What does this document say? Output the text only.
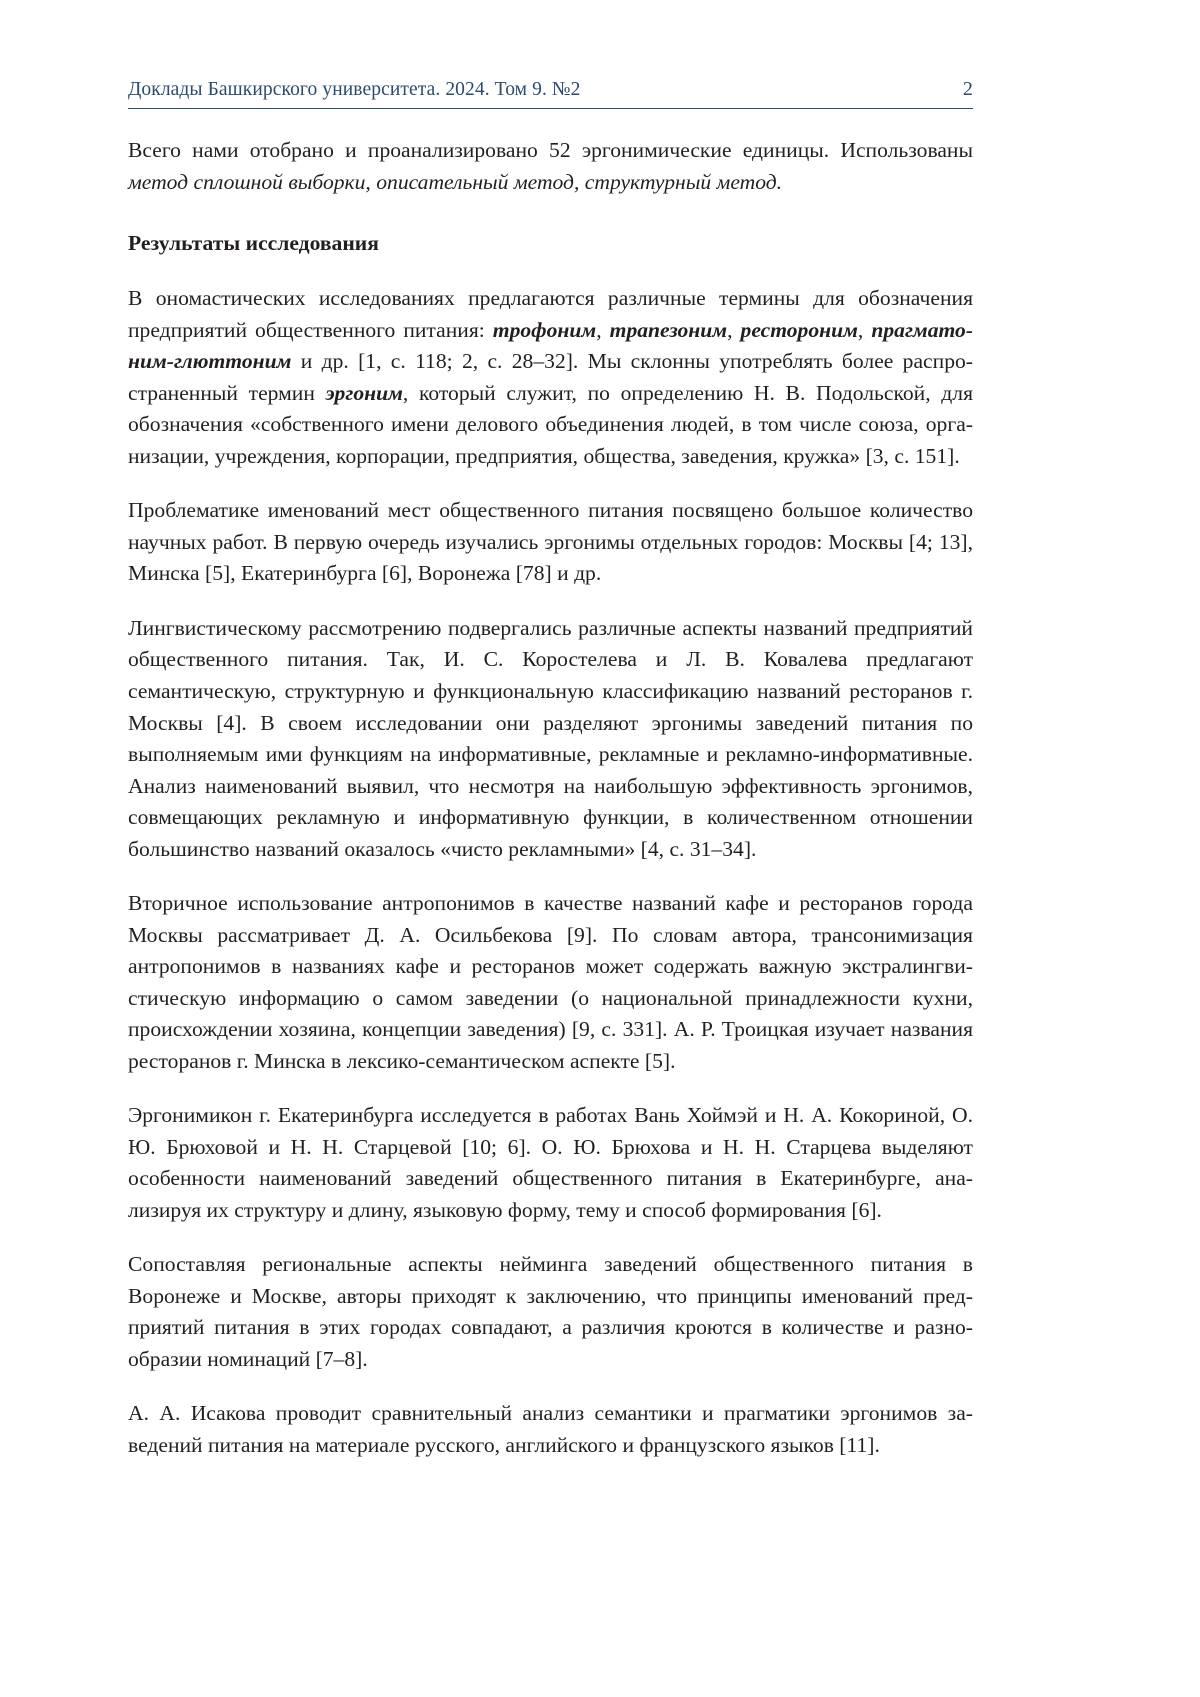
Доклады Башкирского университета. 2024. Том 9. №2	2

Всего нами отобрано и проанализировано 52 эргонимические единицы. Использованы метод сплошной выборки, описательный метод, структурный метод.

Результаты исследования

В ономастических исследованиях предлагаются различные термины для обозначения предприятий общественного питания: трофоним, трапезоним, рестороним, прагматоним-глюттоним и др. [1, с. 118; 2, с. 28–32]. Мы склонны употреблять более распространенный термин эргоним, который служит, по определению Н. В. Подольской, для обозначения «собственного имени делового объединения людей, в том числе союза, организации, учреждения, корпорации, предприятия, общества, заведения, кружка» [3, с. 151].

Проблематике именований мест общественного питания посвящено большое количество научных работ. В первую очередь изучались эргонимы отдельных городов: Москвы [4; 13], Минска [5], Екатеринбурга [6], Воронежа [78] и др.

Лингвистическому рассмотрению подвергались различные аспекты названий предприятий общественного питания. Так, И. С. Коростелева и Л. В. Ковалева предлагают семантическую, структурную и функциональную классификацию названий ресторанов г. Москвы [4]. В своем исследовании они разделяют эргонимы заведений питания по выполняемым ими функциям на информативные, рекламные и рекламно-информативные. Анализ наименований выявил, что несмотря на наибольшую эффективность эргонимов, совмещающих рекламную и информативную функции, в количественном отношении большинство названий оказалось «чисто рекламными» [4, с. 31–34].

Вторичное использование антропонимов в качестве названий кафе и ресторанов города Москвы рассматривает Д. А. Осильбекова [9]. По словам автора, трансонимизация антропонимов в названиях кафе и ресторанов может содержать важную экстралингвистическую информацию о самом заведении (о национальной принадлежности кухни, происхождении хозяина, концепции заведения) [9, с. 331]. А. Р. Троицкая изучает названия ресторанов г. Минска в лексико-семантическом аспекте [5].

Эргонимикон г. Екатеринбурга исследуется в работах Вань Хоймэй и Н. А. Кокориной, О. Ю. Брюховой и Н. Н. Старцевой [10; 6]. О. Ю. Брюхова и Н. Н. Старцева выделяют особенности наименований заведений общественного питания в Екатеринбурге, анализируя их структуру и длину, языковую форму, тему и способ формирования [6].

Сопоставляя региональные аспекты нейминга заведений общественного питания в Воронеже и Москве, авторы приходят к заключению, что принципы именований предприятий питания в этих городах совпадают, а различия кроются в количестве и разнообразии номинаций [7–8].

А. А. Исакова проводит сравнительный анализ семантики и прагматики эргонимов заведений питания на материале русского, английского и французского языков [11].
